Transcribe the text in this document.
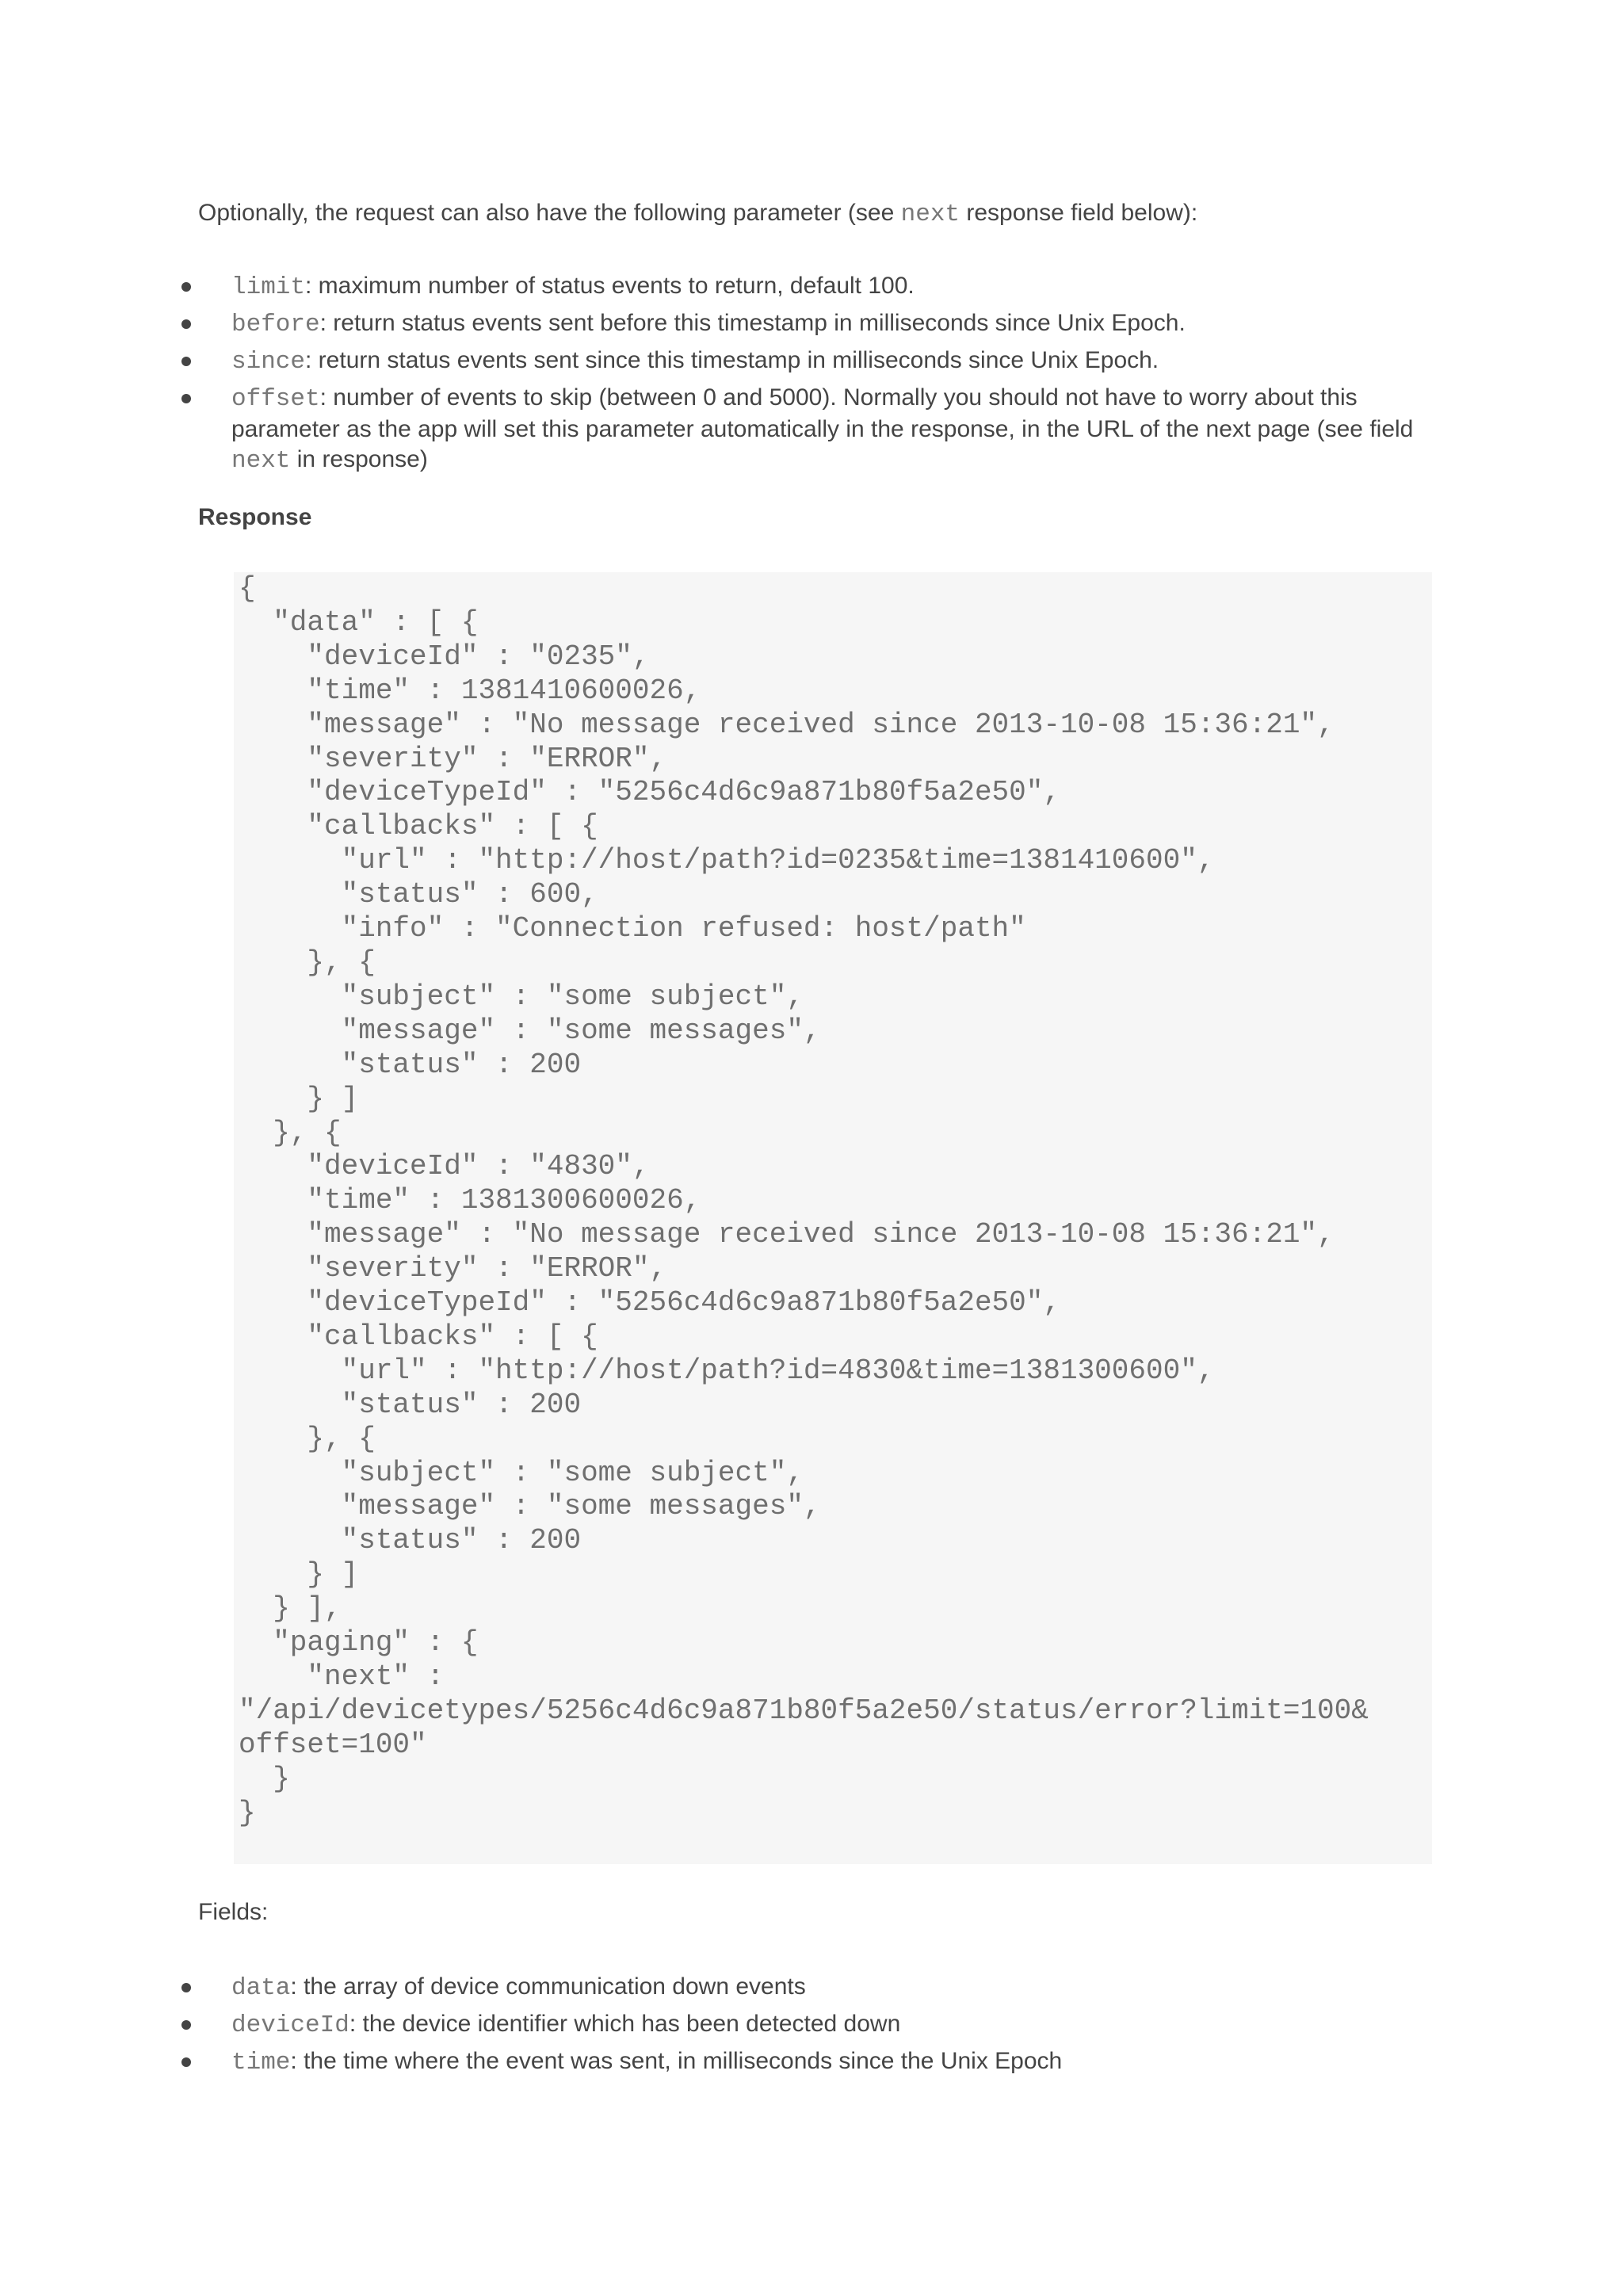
Optionally, the request can also have the following parameter (see next response field below):

limit: maximum number of status events to return, default 100.
before: return status events sent before this timestamp in milliseconds since Unix Epoch.
since: return status events sent since this timestamp in milliseconds since Unix Epoch.
offset: number of events to skip (between 0 and 5000). Normally you should not have to worry about this parameter as the app will set this parameter automatically in the response, in the URL of the next page (see field next in response)

Response

{
"data" : [ {
"deviceId" : "0235",
"time" : 1381410600026,
"message" : "No message received since 2013-10-08 15:36:21",
"severity" : "ERROR",
"deviceTypeId" : "5256c4d6c9a871b80f5a2e50",
"callbacks" : [ {
"url" : "http://host/path?id=0235&time=1381410600",
"status" : 600,
"info" : "Connection refused: host/path"
}, {
"subject" : "some subject",
"message" : "some messages",
"status" : 200
} ]
}, {
"deviceId" : "4830",
"time" : 1381300600026,
"message" : "No message received since 2013-10-08 15:36:21",
"severity" : "ERROR",
"deviceTypeId" : "5256c4d6c9a871b80f5a2e50",
"callbacks" : [ {
"url" : "http://host/path?id=4830&time=1381300600",
"status" : 200
}, {
"subject" : "some subject",
"message" : "some messages",
"status" : 200
} ]
} ],
"paging" : {
"next" :
"/api/devicetypes/5256c4d6c9a871b80f5a2e50/status/error?limit=100&
offset=100"
}
}

Fields:

data: the array of device communication down events
deviceId: the device identifier which has been detected down
time: the time where the event was sent, in milliseconds since the Unix Epoch
